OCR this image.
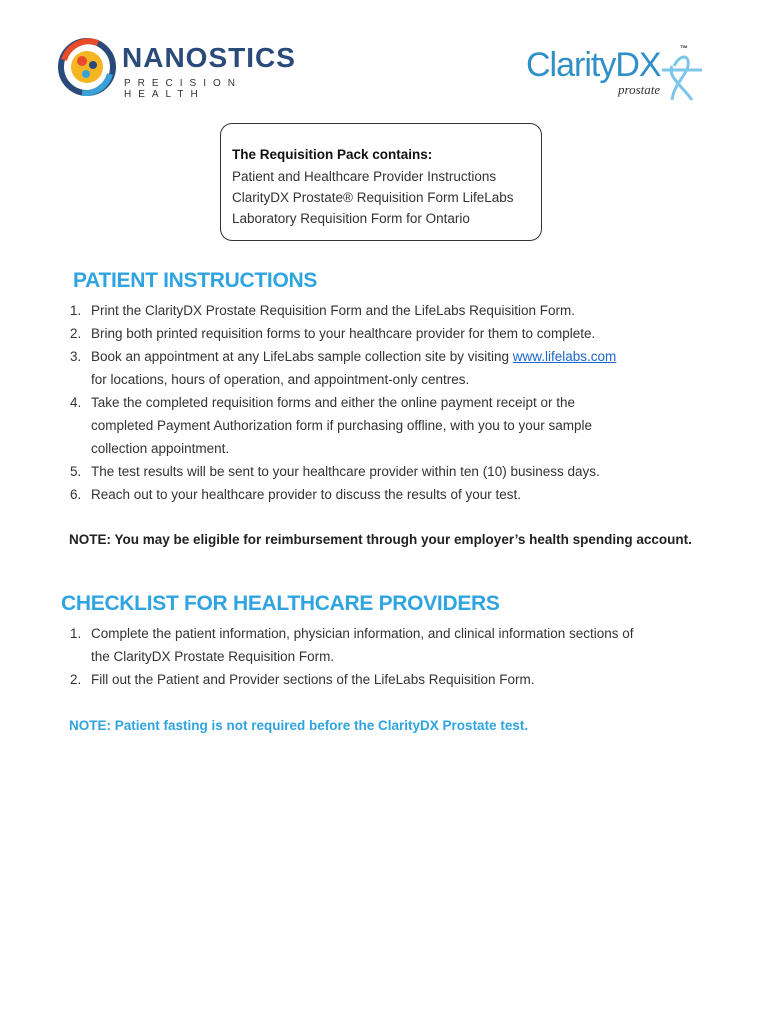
NANOSTICS
PRECISION HEALTH
ClarityDX ™
prostate
The Requisition Pack contains:
Patient and Healthcare Provider Instructions
ClarityDX Prostate® Requisition Form LifeLabs
Laboratory Requisition Form for Ontario
PATIENT INSTRUCTIONS
1. Print the ClarityDX Prostate Requisition Form and the LifeLabs Requisition Form.
2. Bring both printed requisition forms to your healthcare provider for them to complete.
3. Book an appointment at any LifeLabs sample collection site by visiting www.lifelabs.com
for locations, hours of operation, and appointment-only centres.
4. Take the completed requisition forms and either the online payment receipt or the
completed Payment Authorization form if purchasing offline, with you to your sample
collection appointment.
5. The test results will be sent to your healthcare provider within ten (10) business days.
6. Reach out to your healthcare provider to discuss the results of your test.
NOTE: You may be eligible for reimbursement through your employer’s health spending account.
CHECKLIST FOR HEALTHCARE PROVIDERS
1. Complete the patient information, physician information, and clinical information sections of
the ClarityDX Prostate Requisition Form.
2. Fill out the Patient and Provider sections of the LifeLabs Requisition Form.
NOTE: Patient fasting is not required before the ClarityDX Prostate test.
